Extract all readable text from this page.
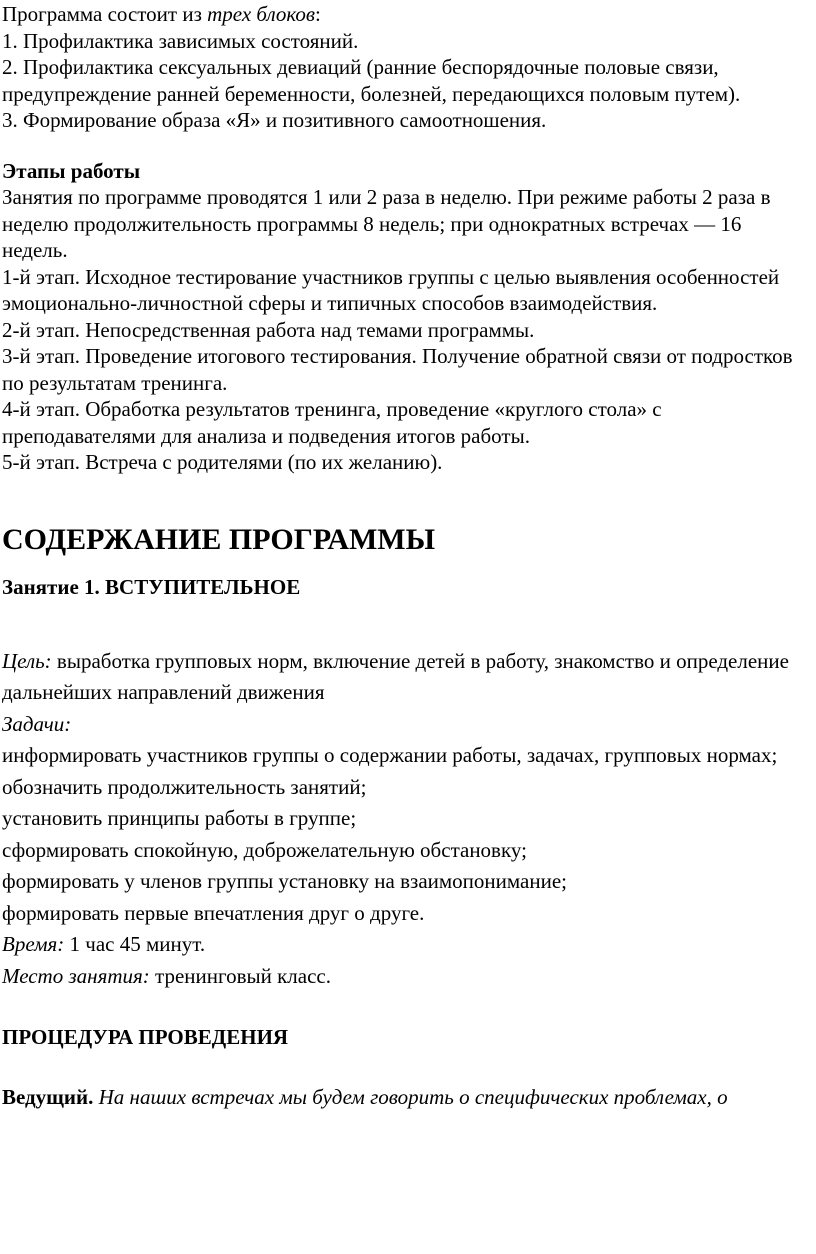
Программа состоит из трех блоков:

1. Профилактика зависимых состояний.

2. Профилактика сексуальных девиаций (ранние беспорядочные половые связи, предупреждение ранней беременности, болезней, передающихся половым путем).

3. Формирование образа «Я» и позитивного самоотношения.

Этапы работы

Занятия по программе проводятся 1 или 2 раза в неделю. При режиме работы 2 раза в неделю продолжительность программы 8 недель; при однократных встречах — 16 недель.

1-й этап. Исходное тестирование участников группы с целью выявления особенностей эмоционально-личностной сферы и типичных способов взаимодействия.

2-й этап. Непосредственная работа над темами программы.

3-й этап. Проведение итогового тестирования. Получение обратной связи от подростков по результатам тренинга.

4-й этап. Обработка результатов тренинга, проведение «круглого стола» с преподавателями для анализа и подведения итогов работы.

5-й этап. Встреча с родителями (по их желанию).

СОДЕРЖАНИЕ ПРОГРАММЫ

Занятие 1. ВСТУПИТЕЛЬНОЕ

Цель: выработка групповых норм, включение детей в работу, знакомство и определение дальнейших направлений движения

Задачи:

информировать участников группы о содержании работы, задачах, групповых нормах; обозначить продолжительность занятий;

установить принципы работы в группе;

сформировать спокойную, доброжелательную обстановку;

формировать у членов группы установку на взаимопонимание;

формировать первые впечатления друг о друге.

Время: 1 час 45 минут.

Место занятия: тренинговый класс.

ПРОЦЕДУРА ПРОВЕДЕНИЯ

Ведущий. На наших встречах мы будем говорить о специфических проблемах, о
